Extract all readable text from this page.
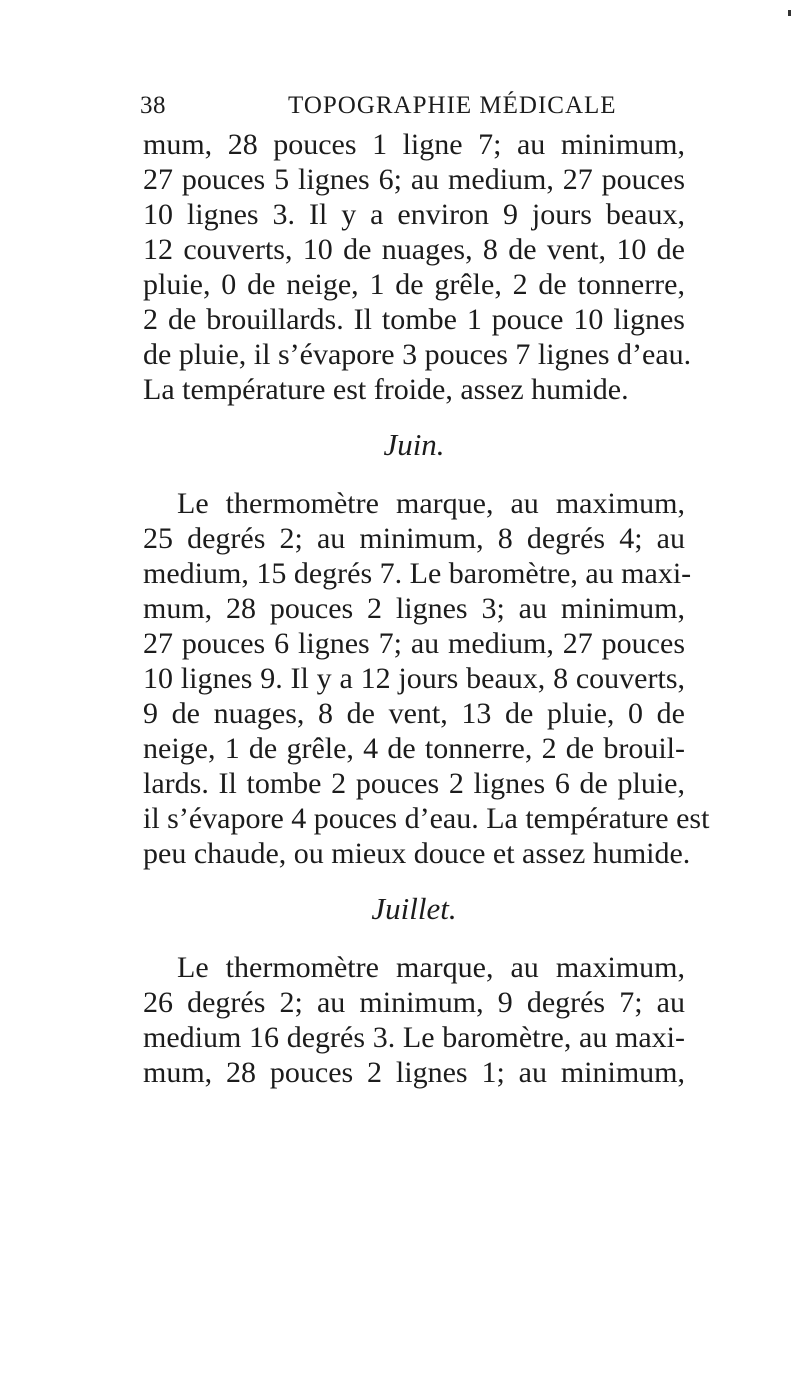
38	TOPOGRAPHIE MÉDICALE
mum, 28 pouces 1 ligne 7; au minimum,
27 pouces 5 lignes 6; au medium, 27 pouces
10 lignes 3. Il y a environ 9 jours beaux,
12 couverts, 10 de nuages, 8 de vent, 10 de
pluie, 0 de neige, 1 de grêle, 2 de tonnerre,
2 de brouillards. Il tombe 1 pouce 10 lignes
de pluie, il s’évapore 3 pouces 7 lignes d’eau.
La température est froide, assez humide.
Juin.
Le thermomètre marque, au maximum,
25 degrés 2; au minimum, 8 degrés 4; au
medium, 15 degrés 7. Le baromètre, au maxi-
mum, 28 pouces 2 lignes 3; au minimum,
27 pouces 6 lignes 7; au medium, 27 pouces
10 lignes 9. Il y a 12 jours beaux, 8 couverts,
9 de nuages, 8 de vent, 13 de pluie, 0 de
neige, 1 de grêle, 4 de tonnerre, 2 de brouil-
lards. Il tombe 2 pouces 2 lignes 6 de pluie,
il s’évapore 4 pouces d’eau. La température est
peu chaude, ou mieux douce et assez humide.
Juillet.
Le thermomètre marque, au maximum,
26 degrés 2; au minimum, 9 degrés 7; au
medium 16 degrés 3. Le baromètre, au maxi-
mum, 28 pouces 2 lignes 1; au minimum,
